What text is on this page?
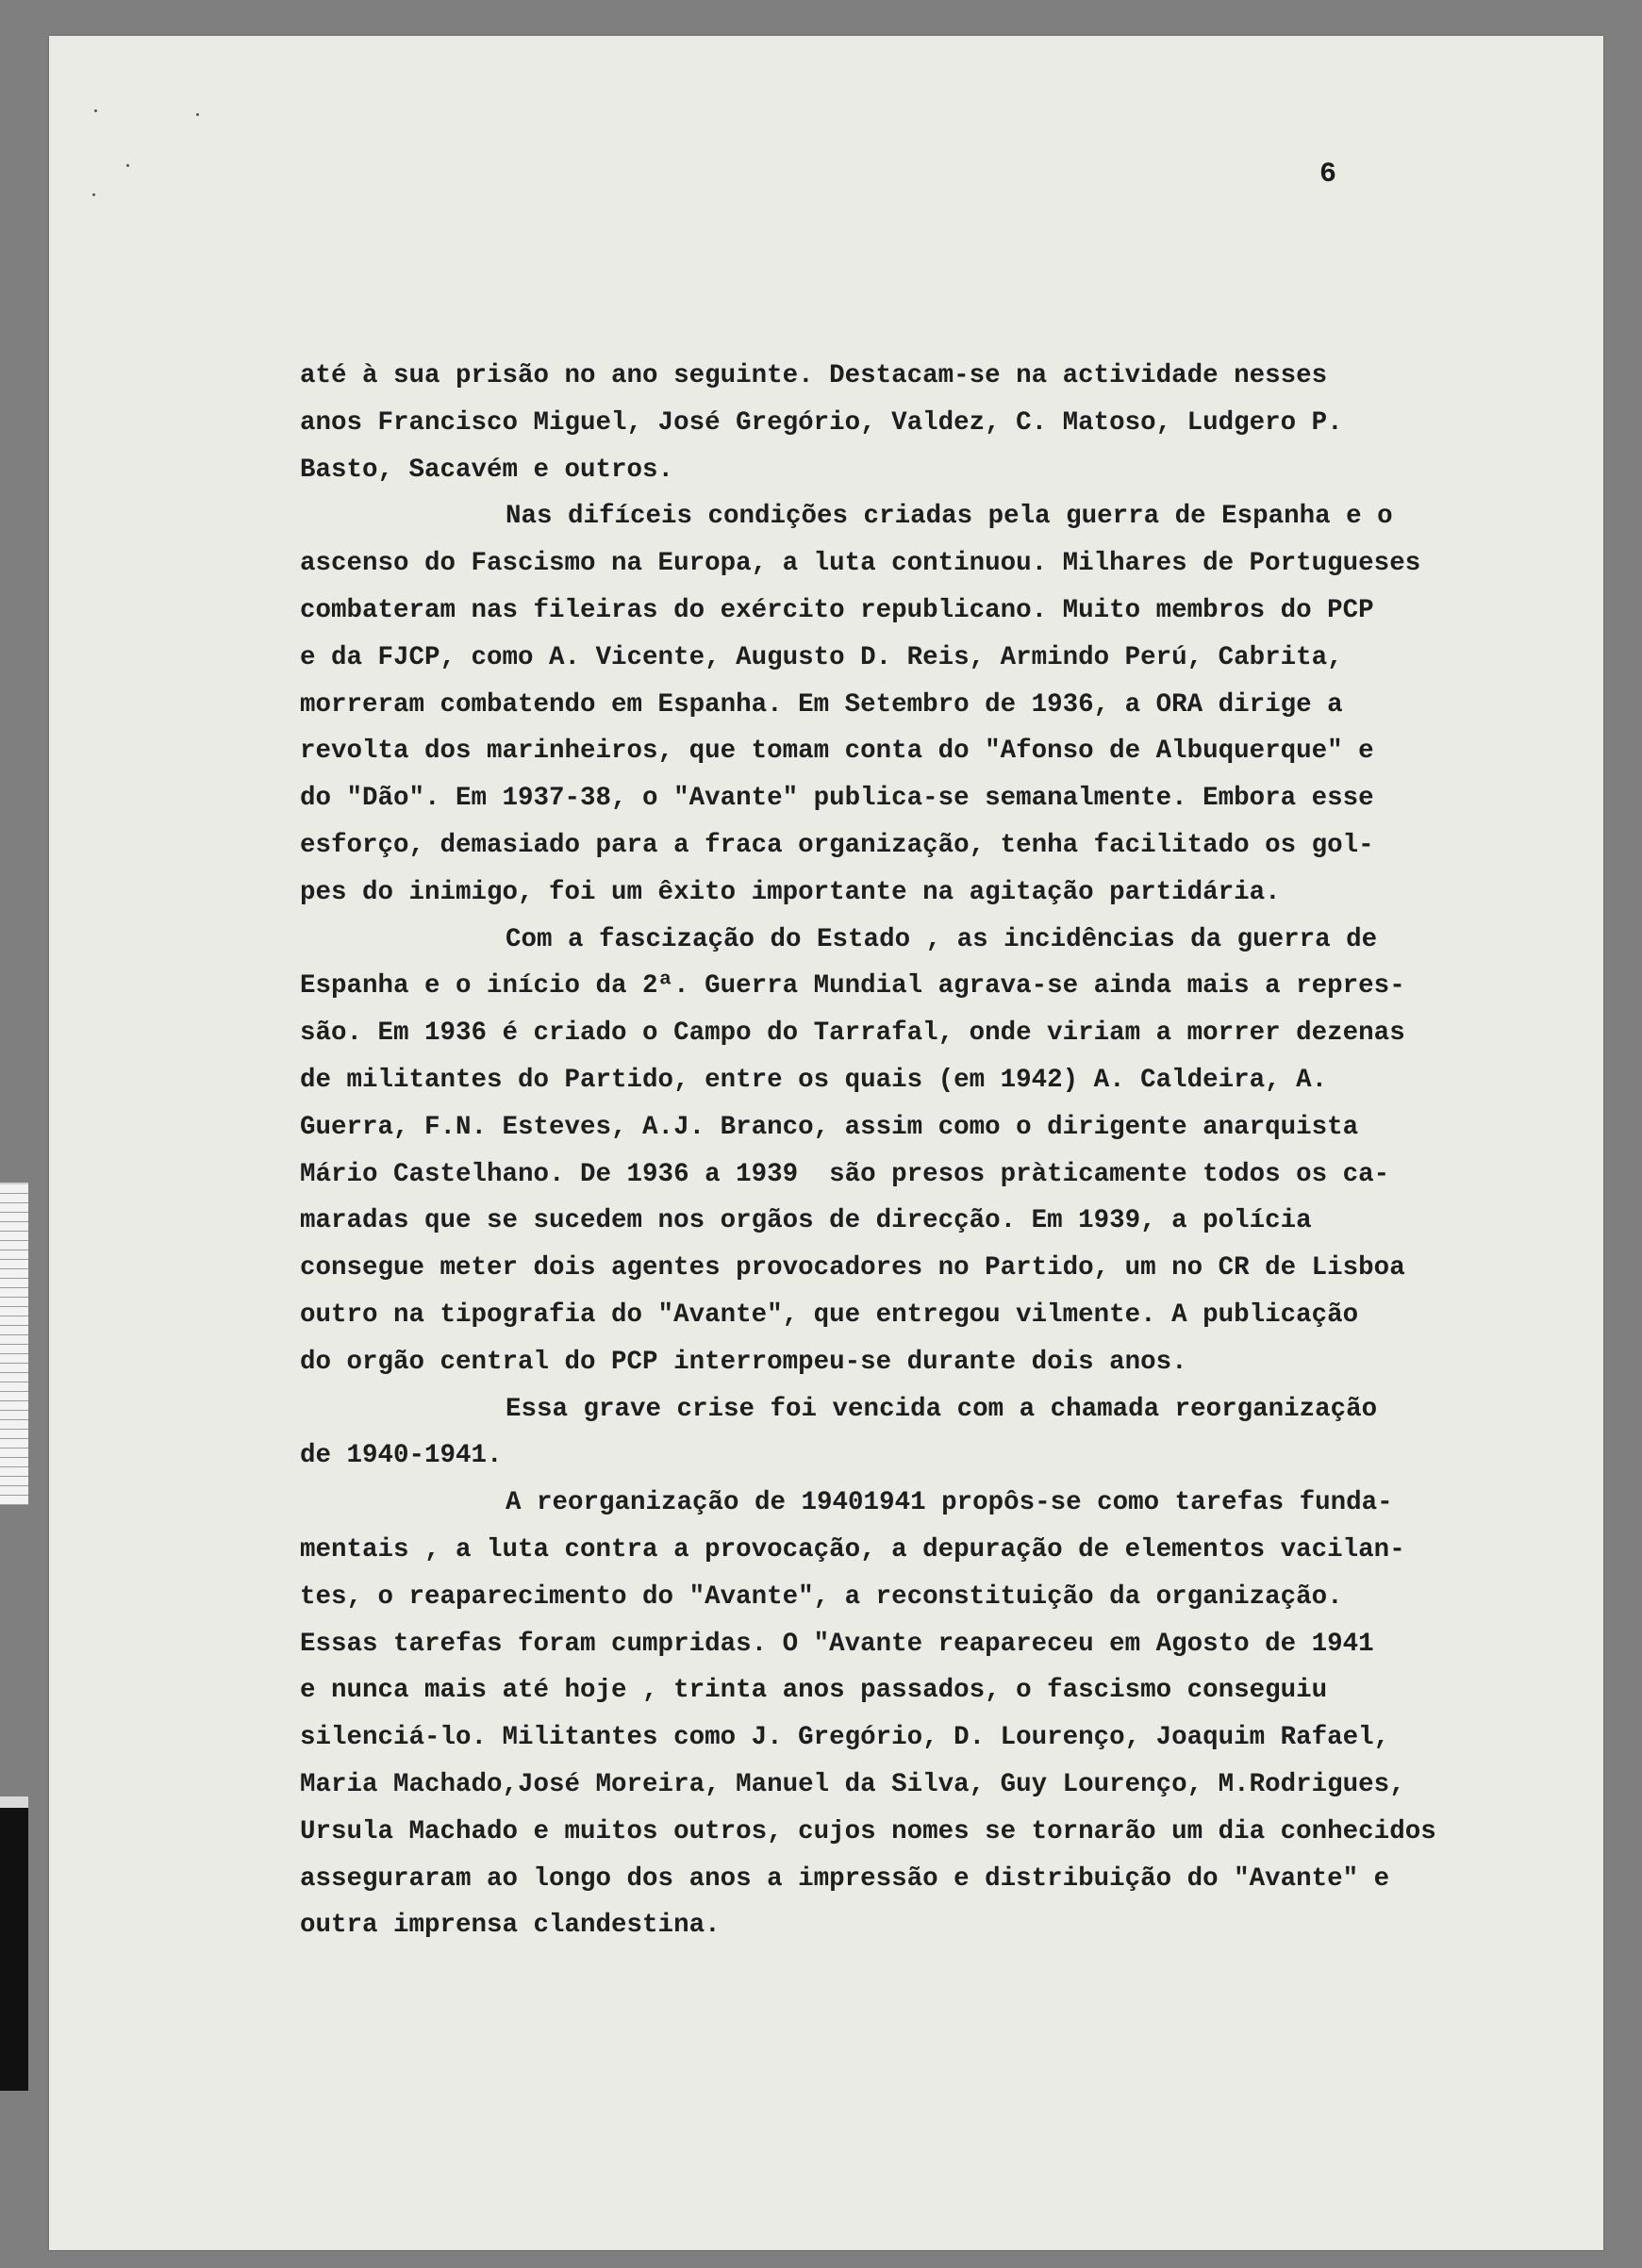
6
até à sua prisão no ano seguinte. Destacam-se na actividade nesses
anos Francisco Miguel, José Gregório, Valdez, C. Matoso, Ludgero P.
Basto, Sacavém e outros.
Nas difíceis condições criadas pela guerra de Espanha e o
ascenso do Fascismo na Europa, a luta continuou. Milhares de Portugueses
combateram nas fileiras do exército republicano. Muito membros do PCP
e da FJCP, como A. Vicente, Augusto D. Reis, Armindo Perú, Cabrita,
morreram combatendo em Espanha. Em Setembro de 1936, a ORA dirige a
revolta dos marinheiros, que tomam conta do "Afonso de Albuquerque" e
do "Dão". Em 1937-38, o "Avante" publica-se semanalmente. Embora esse
esforço, demasiado para a fraca organização, tenha facilitado os gol-
pes do inimigo, foi um êxito importante na agitação partidária.
Com a fascização do Estado , as incidências da guerra de
Espanha e o início da 2ª. Guerra Mundial agrava-se ainda mais a repres-
são. Em 1936 é criado o Campo do Tarrafal, onde viriam a morrer dezenas
de militantes do Partido, entre os quais (em 1942) A. Caldeira, A.
Guerra, F.N. Esteves, A.J. Branco, assim como o dirigente anarquista
Mário Castelhano. De 1936 a 1939  são presos pràticamente todos os ca-
maradas que se sucedem nos orgãos de direcção. Em 1939, a polícia
consegue meter dois agentes provocadores no Partido, um no CR de Lisboa
outro na tipografia do "Avante", que entregou vilmente. A publicação
do orgão central do PCP interrompeu-se durante dois anos.
Essa grave crise foi vencida com a chamada reorganização
de 1940-1941.
A reorganização de 19401941 propôs-se como tarefas funda-
mentais , a luta contra a provocação, a depuração de elementos vacilan-
tes, o reaparecimento do "Avante", a reconstituição da organização.
Essas tarefas foram cumpridas. O "Avante reapareceu em Agosto de 1941
e nunca mais até hoje , trinta anos passados, o fascismo conseguiu
silenciá-lo. Militantes como J. Gregório, D. Lourenço, Joaquim Rafael,
Maria Machado,José Moreira, Manuel da Silva, Guy Lourenço, M.Rodrigues,
Ursula Machado e muitos outros, cujos nomes se tornarão um dia conhecidos
asseguraram ao longo dos anos a impressão e distribuição do "Avante" e
outra imprensa clandestina.
